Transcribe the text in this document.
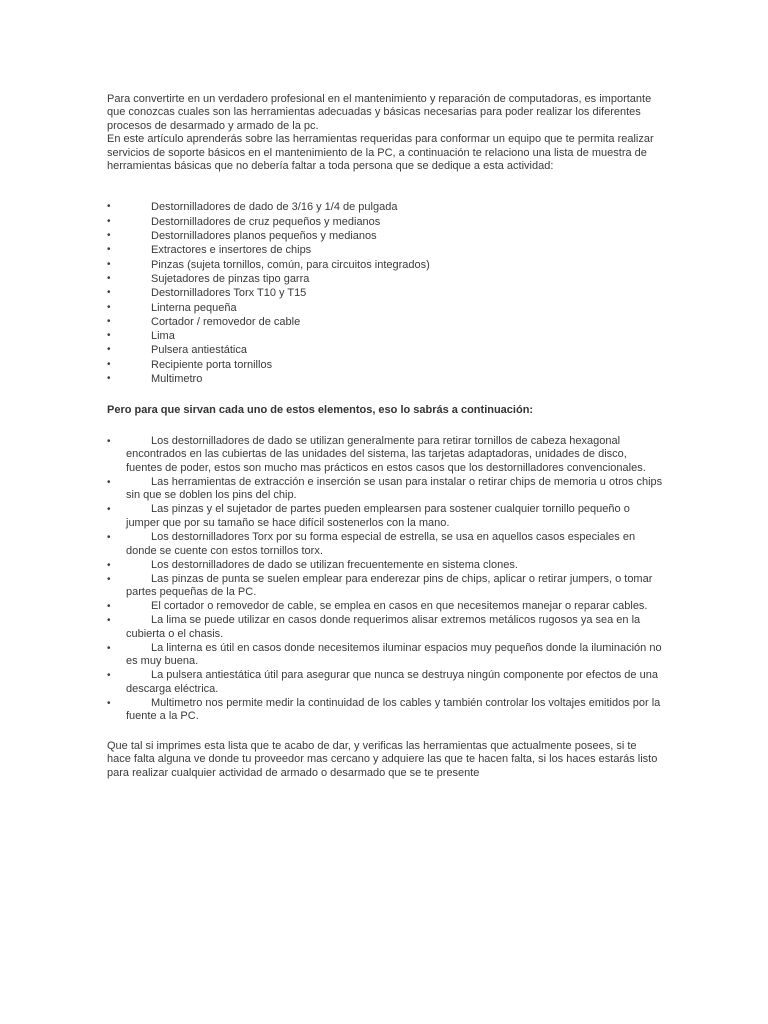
Para convertirte en un verdadero profesional en el mantenimiento y reparación de computadoras, es importante que conozcas cuales son las herramientas adecuadas y básicas necesarias para poder realizar los diferentes procesos de desarmado y armado de la pc.

En este artículo aprenderás sobre las herramientas requeridas para conformar un equipo que te permita realizar servicios de soporte básicos en el mantenimiento de la PC, a continuación te relaciono una lista de muestra de herramientas básicas que no debería faltar a toda persona que se dedique a esta actividad:

•	Destornilladores de dado de 3/16 y 1/4 de pulgada
•	Destornilladores de cruz pequeños y medianos
•	Destornilladores planos pequeños y medianos
•	Extractores e insertores de chips
•	Pinzas (sujeta tornillos, común, para circuitos integrados)
•	Sujetadores de pinzas tipo garra
•	Destornilladores Torx T10 y T15
•	Linterna pequeña
•	Cortador / removedor de cable
•	Lima
•	Pulsera antiestática
•	Recipiente porta tornillos
•	Multimetro

Pero para que sirvan cada uno de estos elementos, eso lo sabrás a continuación:

•	Los destornilladores de dado se utilizan generalmente para retirar tornillos de cabeza hexagonal encontrados en las cubiertas de las unidades del sistema, las tarjetas adaptadoras, unidades de disco, fuentes de poder, estos son mucho mas prácticos en estos casos que los destornilladores convencionales.
•	Las herramientas de extracción e inserción se usan para instalar o retirar chips de memoria u otros chips sin que se doblen los pins del chip.
•	Las pinzas y el sujetador de partes pueden emplearsen para sostener cualquier tornillo pequeño o jumper que por su tamaño se hace difícil sostenerlos con la mano.
•	Los destornilladores Torx por su forma especial de estrella, se usa en aquellos casos especiales en donde se cuente con estos tornillos torx.
•	Los destornilladores de dado se utilizan frecuentemente en sistema clones.
•	Las pinzas de punta se suelen emplear para enderezar pins de chips, aplicar o retirar jumpers, o tomar partes pequeñas de la PC.
•	El cortador o removedor de cable, se emplea en casos en que necesitemos manejar o reparar cables.
•	La lima se puede utilizar en casos donde requerimos alisar extremos metálicos rugosos ya sea en la cubierta o el chasis.
•	La linterna es útil en casos donde necesitemos iluminar espacios muy pequeños donde la iluminación no es muy buena.
•	La pulsera antiestática útil para asegurar que nunca se destruya ningún componente por efectos de una descarga eléctrica.
•	Multimetro nos permite medir la continuidad de los cables y también controlar los voltajes emitidos por la fuente a la PC.

Que tal si imprimes esta lista que te acabo de dar, y verificas las herramientas que actualmente posees, si te hace falta alguna ve donde tu proveedor mas cercano y adquiere las que te hacen falta, si los haces estarás listo para realizar cualquier actividad de armado o desarmado que se te presente
